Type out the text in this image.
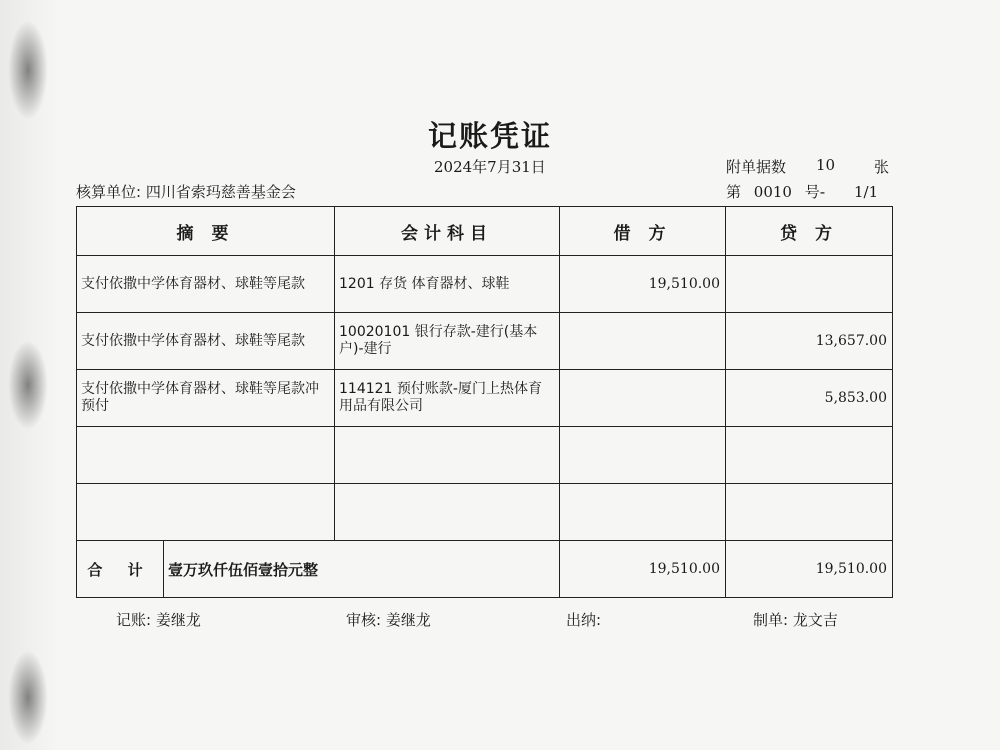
记账凭证
2024年7月31日	附单据数 10	张
核算单位: 四川省索玛慈善基金会	第 0010 号- 1/1
摘 要	会计科目	借 方	贷 方
支付依撒中学体育器材、球鞋等尾款	1201 存货 体育器材、球鞋	19,510.00	
支付依撒中学体育器材、球鞋等尾款	10020101 银行存款-建行(基本户)-建行		13,657.00
支付依撒中学体育器材、球鞋等尾款冲预付	114121 预付账款-厦门上热体育用品有限公司		5,853.00

合 计 壹万玖仟伍佰壹拾元整		19,510.00	19,510.00
记账: 姜继龙	审核: 姜继龙	出纳:	制单: 龙文吉
